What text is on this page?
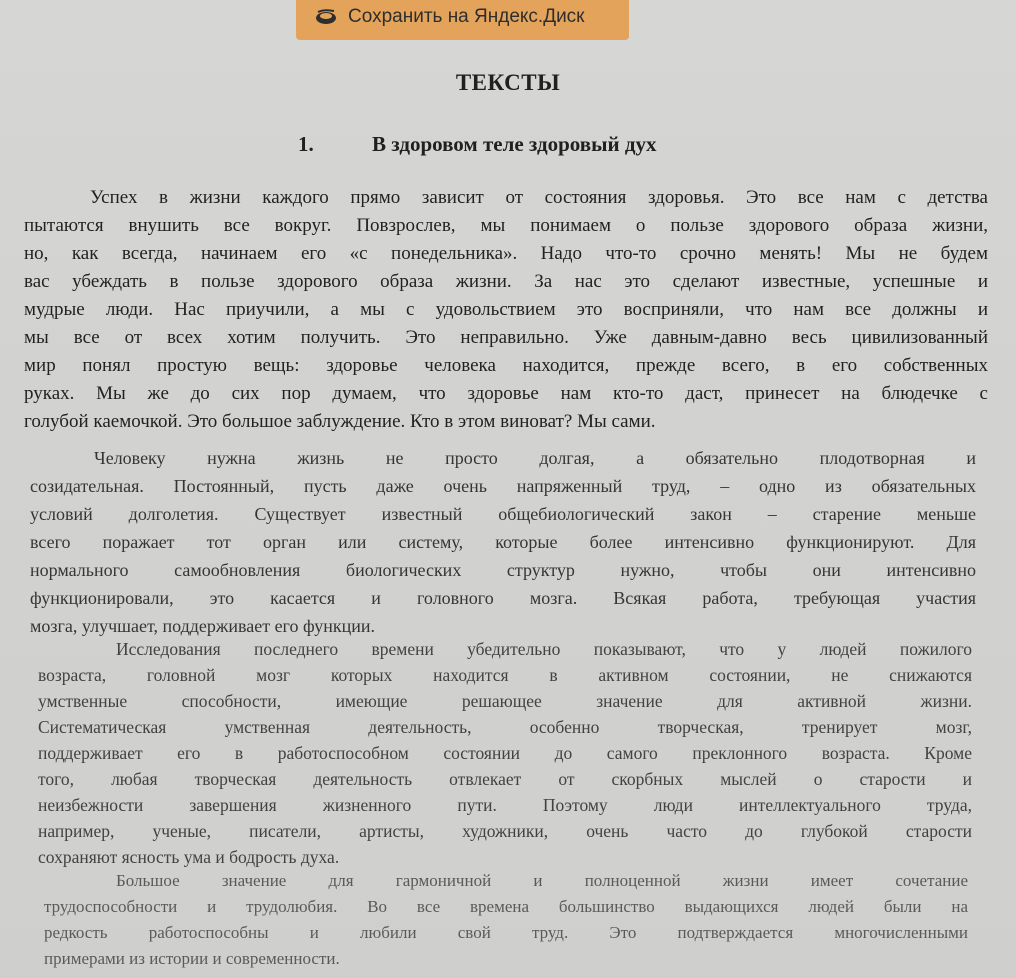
Сохранить на Яндекс.Диск
ТЕКСТЫ
1.	В здоровом теле здоровый дух
Успех в жизни каждого прямо зависит от состояния здоровья. Это все нам с детства
пытаются внушить все вокруг. Повзрослев, мы понимаем о пользе здорового образа жизни,
но, как всегда, начинаем его «с понедельника». Надо что-то срочно менять! Мы не будем
вас убеждать в пользе здорового образа жизни. За нас это сделают известные, успешные и
мудрые люди. Нас приучили, а мы с удовольствием это восприняли, что нам все должны и
мы все от всех хотим получить. Это неправильно. Уже давным-давно весь цивилизованный
мир понял простую вещь: здоровье человека находится, прежде всего, в его собственных
руках. Мы же до сих пор думаем, что здоровье нам кто-то даст, принесет на блюдечке с
голубой каемочкой. Это большое заблуждение. Кто в этом виноват? Мы сами.
Человеку нужна жизнь не просто долгая, а обязательно плодотворная и
созидательная. Постоянный, пусть даже очень напряженный труд, – одно из обязательных
условий долголетия. Существует известный общебиологический закон – старение меньше
всего поражает тот орган или систему, которые более интенсивно функционируют. Для
нормального самообновления биологических структур нужно, чтобы они интенсивно
функционировали, это касается и головного мозга. Всякая работа, требующая участия
мозга, улучшает, поддерживает его функции.
Исследования последнего времени убедительно показывают, что у людей пожилого
возраста, головной мозг которых находится в активном состоянии, не снижаются
умственные способности, имеющие решающее значение для активной жизни.
Систематическая умственная деятельность, особенно творческая, тренирует мозг,
поддерживает его в работоспособном состоянии до самого преклонного возраста. Кроме
того, любая творческая деятельность отвлекает от скорбных мыслей о старости и
неизбежности завершения жизненного пути. Поэтому люди интеллектуального труда,
например, ученые, писатели, артисты, художники, очень часто до глубокой старости
сохраняют ясность ума и бодрость духа.
Большое значение для гармоничной и полноценной жизни имеет сочетание
трудоспособности и трудолюбия. Во все времена большинство выдающихся людей были на
редкость работоспособны и любили свой труд. Это подтверждается многочисленными
примерами из истории и современности.
